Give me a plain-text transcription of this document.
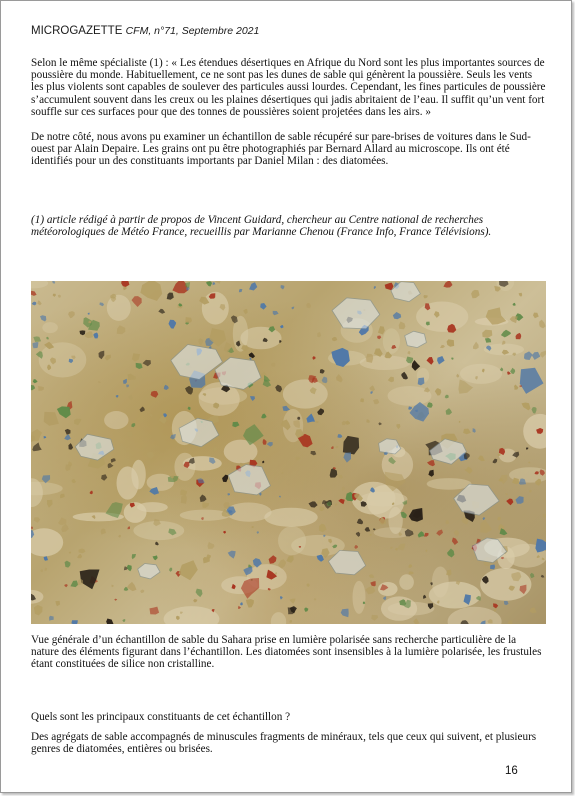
MICROGAZETTE CFM, n°71, Septembre 2021

Selon le même spécialiste (1) : « Les étendues désertiques en Afrique du Nord sont les plus importantes sources de poussière du monde. Habituellement, ce ne sont pas les dunes de sable qui génèrent la poussière. Seuls les vents les plus violents sont capables de soulever des particules aussi lourdes. Cependant, les fines particules de poussière s’accumulent souvent dans les creux ou les plaines désertiques qui jadis abritaient de l’eau. Il suffit qu’un vent fort souffle sur ces surfaces pour que des tonnes de poussières soient projetées dans les airs. »

De notre côté, nous avons pu examiner un échantillon de sable récupéré sur pare-brises de voitures dans le Sud-ouest par Alain Depaire. Les grains ont pu être photographiés par Bernard Allard au microscope. Ils ont été identifiés pour un des constituants importants par Daniel Milan : des diatomées.

(1) article rédigé à partir de propos de Vincent Guidard, chercheur au Centre national de recherches météorologiques de Météo France, recueillis par Marianne Chenou (France Info, France Télévisions).

Vue générale d’un échantillon de sable du Sahara prise en lumière polarisée sans recherche particulière de la nature des éléments figurant dans l’échantillon. Les diatomées sont insensibles à la lumière polarisée, les frustules étant constituées de silice non cristalline.

Quels sont les principaux constituants de cet échantillon ?

Des agrégats de sable accompagnés de minuscules fragments de minéraux, tels que ceux qui suivent, et plusieurs genres de diatomées, entières ou brisées.

16
